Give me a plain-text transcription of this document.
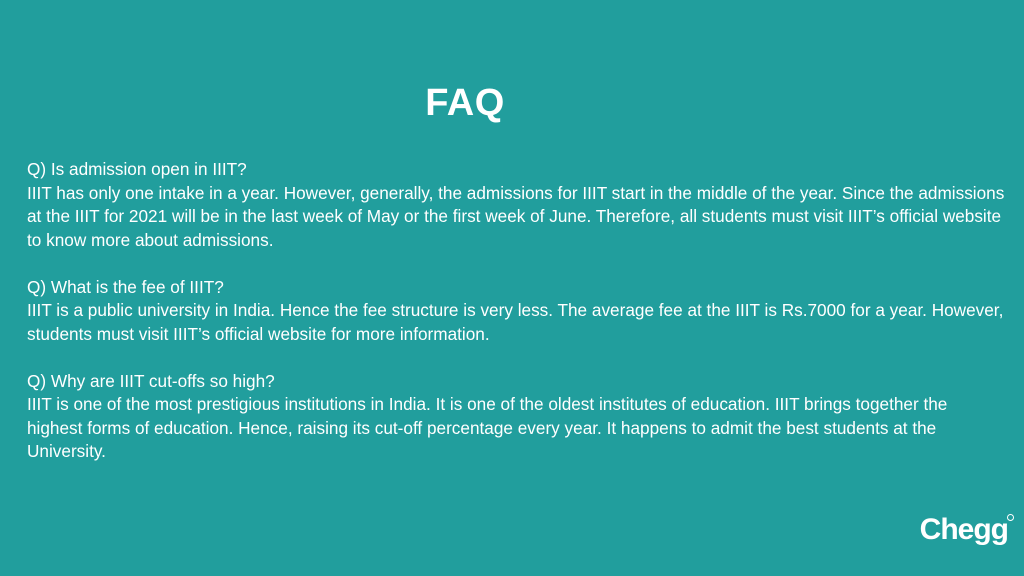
FAQ
Q) Is admission open in IIIT?
IIIT has only one intake in a year. However, generally, the admissions for IIIT start in the middle of the year. Since the admissions at the IIIT for 2021 will be in the last week of May or the first week of June. Therefore, all students must visit IIIT’s official website to know more about admissions.
Q) What is the fee of IIIT?
IIIT is a public university in India. Hence the fee structure is very less. The average fee at the IIIT is Rs.7000 for a year. However, students must visit IIIT’s official website for more information.
Q) Why are IIIT cut-offs so high?
IIIT is one of the most prestigious institutions in India. It is one of the oldest institutes of education. IIIT brings together the highest forms of education. Hence, raising its cut-off percentage every year. It happens to admit the best students at the University.
Chegg
